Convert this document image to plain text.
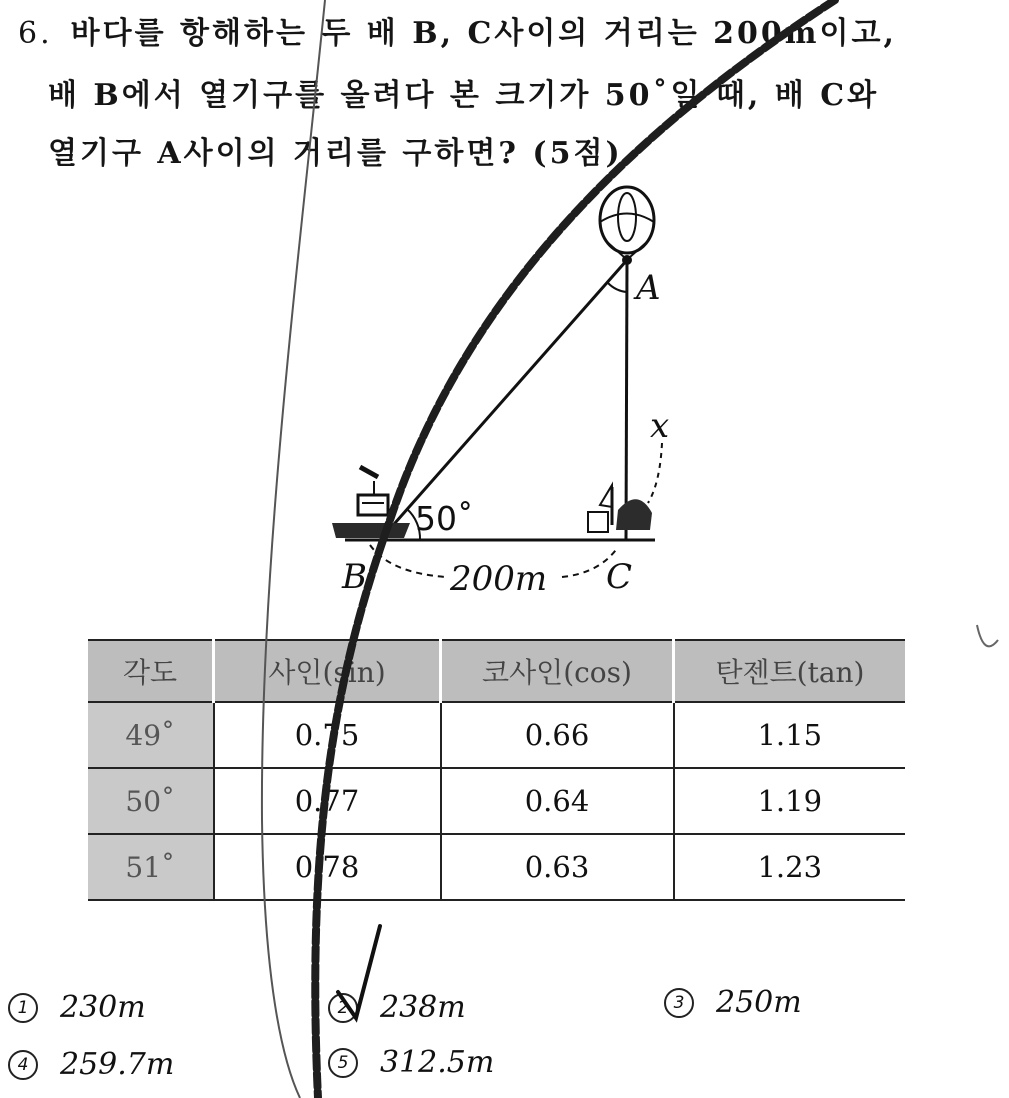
6. 바다를 항해하는 두 배 B, C사이의 거리는 200m이고,
배 B에서 열기구를 올려다 본 크기가 50˚일 때, 배 C와
열기구 A사이의 거리를 구하면? (5점)
A
B	C
x
50˚
200m
각도	사인(sin)	코사인(cos)	탄젠트(tan)
49˚	0.75	0.66	1.15
50˚	0.77	0.64	1.19
51˚	0.78	0.63	1.23
1 230m	2 238m	3 250m
4 259.7m	5 312.5m
